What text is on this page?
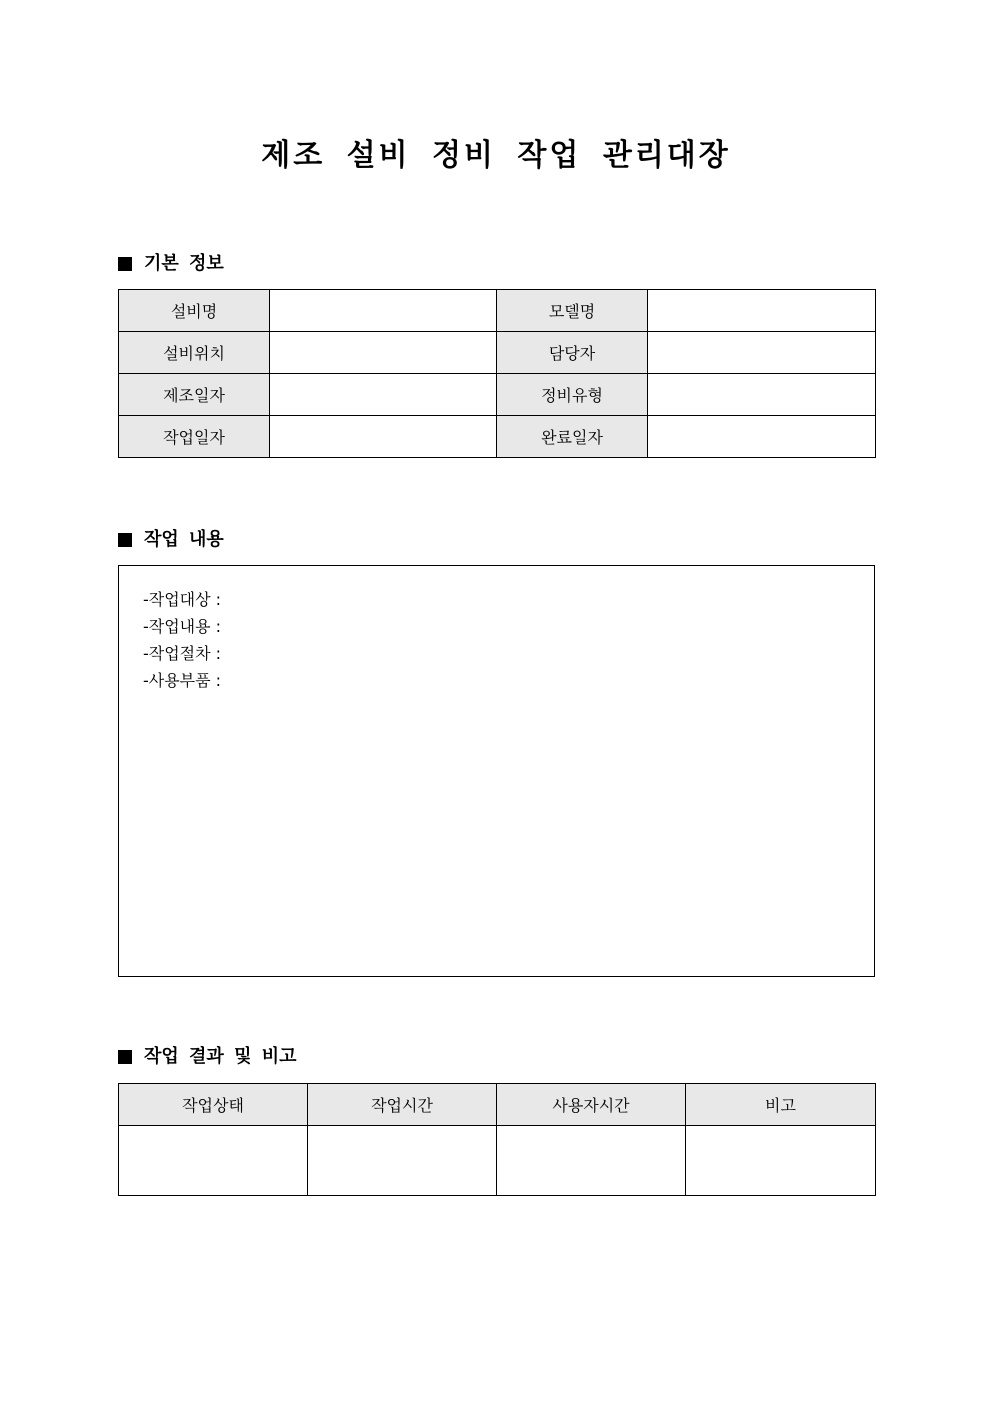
제조 설비 정비 작업 관리대장
기본 정보
설비명		모델명	
설비위치		담당자	
제조일자		정비유형	
작업일자		완료일자	
작업 내용
-작업대상 :
-작업내용 :
-작업절차 :
-사용부품 :
작업 결과 및 비고
작업상태	작업시간	사용자시간	비고
